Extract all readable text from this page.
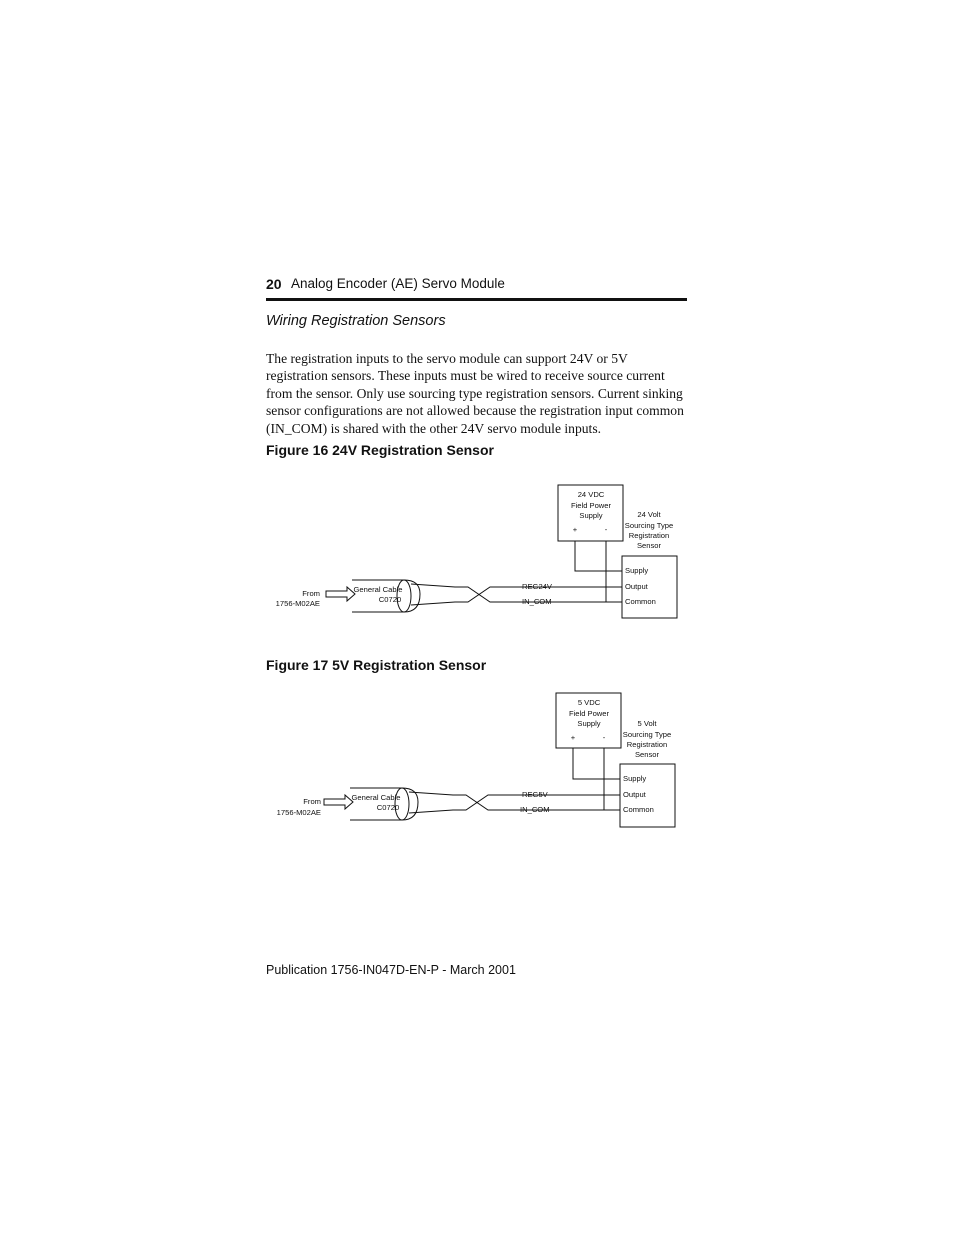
20 Analog Encoder (AE) Servo Module
Wiring Registration Sensors
The registration inputs to the servo module can support 24V or 5V
registration sensors. These inputs must be wired to receive source current
from the sensor. Only use sourcing type registration sensors. Current sinking
sensor configurations are not allowed because the registration input common
(IN_COM) is shared with the other 24V servo module inputs.
Figure 16 24V Registration Sensor
Figure 17 5V Registration Sensor
24 VDC
Field Power
Supply
+	-
24 Volt
Sourcing Type
Registration
Sensor
Supply
Output
Common
REG24V
IN_COM
General Cable
C0720
From
1756-M02AE
5 VDC
Field Power
Supply
+	-
5 Volt
Sourcing Type
Registration
Sensor
Supply
Output
Common
REG5V
IN_COM
General Cable
C0720
From
1756-M02AE
Publication 1756-IN047D-EN-P - March 2001
